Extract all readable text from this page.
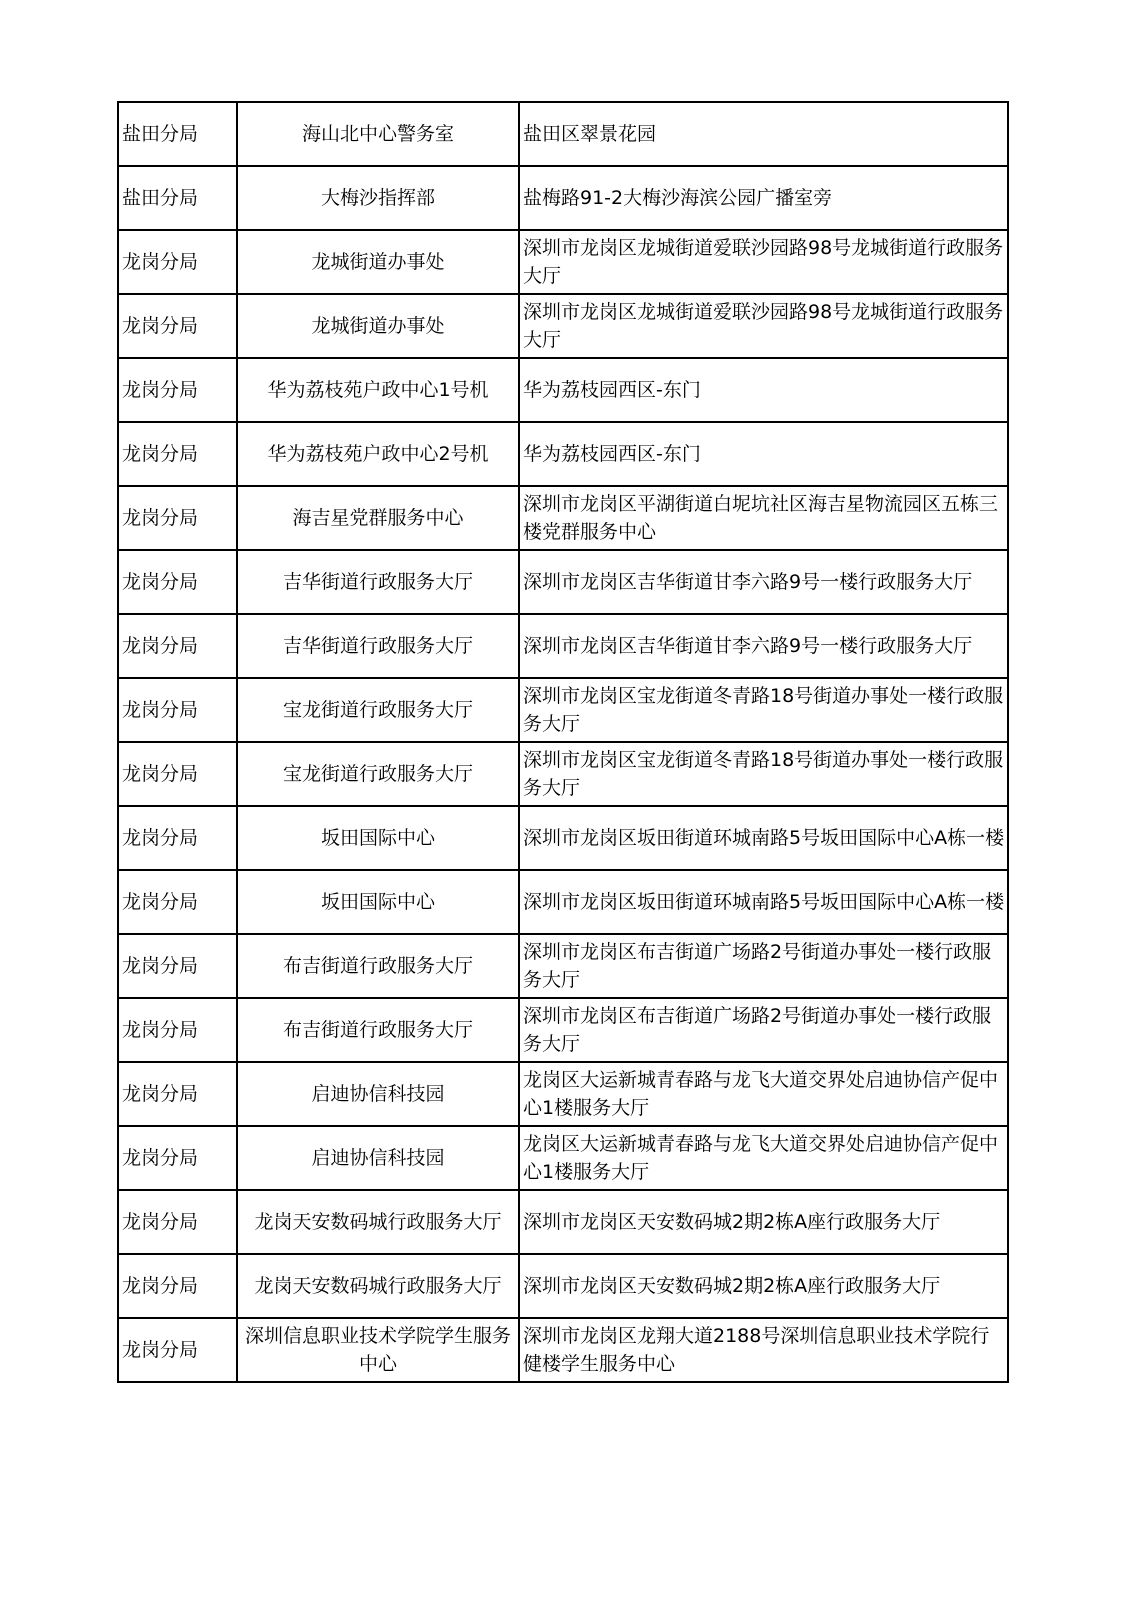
盐田分局	海山北中心警务室	盐田区翠景花园
盐田分局	大梅沙指挥部	盐梅路91-2大梅沙海滨公园广播室旁
龙岗分局	龙城街道办事处	深圳市龙岗区龙城街道爱联沙园路98号龙城街道行政服务大厅
龙岗分局	龙城街道办事处	深圳市龙岗区龙城街道爱联沙园路98号龙城街道行政服务大厅
龙岗分局	华为荔枝苑户政中心1号机	华为荔枝园西区-东门
龙岗分局	华为荔枝苑户政中心2号机	华为荔枝园西区-东门
龙岗分局	海吉星党群服务中心	深圳市龙岗区平湖街道白坭坑社区海吉星物流园区五栋三楼党群服务中心
龙岗分局	吉华街道行政服务大厅	深圳市龙岗区吉华街道甘李六路9号一楼行政服务大厅
龙岗分局	吉华街道行政服务大厅	深圳市龙岗区吉华街道甘李六路9号一楼行政服务大厅
龙岗分局	宝龙街道行政服务大厅	深圳市龙岗区宝龙街道冬青路18号街道办事处一楼行政服务大厅
龙岗分局	宝龙街道行政服务大厅	深圳市龙岗区宝龙街道冬青路18号街道办事处一楼行政服务大厅
龙岗分局	坂田国际中心	深圳市龙岗区坂田街道环城南路5号坂田国际中心A栋一楼
龙岗分局	坂田国际中心	深圳市龙岗区坂田街道环城南路5号坂田国际中心A栋一楼
龙岗分局	布吉街道行政服务大厅	深圳市龙岗区布吉街道广场路2号街道办事处一楼行政服务大厅
龙岗分局	布吉街道行政服务大厅	深圳市龙岗区布吉街道广场路2号街道办事处一楼行政服务大厅
龙岗分局	启迪协信科技园	龙岗区大运新城青春路与龙飞大道交界处启迪协信产促中心1楼服务大厅
龙岗分局	启迪协信科技园	龙岗区大运新城青春路与龙飞大道交界处启迪协信产促中心1楼服务大厅
龙岗分局	龙岗天安数码城行政服务大厅	深圳市龙岗区天安数码城2期2栋A座行政服务大厅
龙岗分局	龙岗天安数码城行政服务大厅	深圳市龙岗区天安数码城2期2栋A座行政服务大厅
龙岗分局	深圳信息职业技术学院学生服务中心	深圳市龙岗区龙翔大道2188号深圳信息职业技术学院行健楼学生服务中心
